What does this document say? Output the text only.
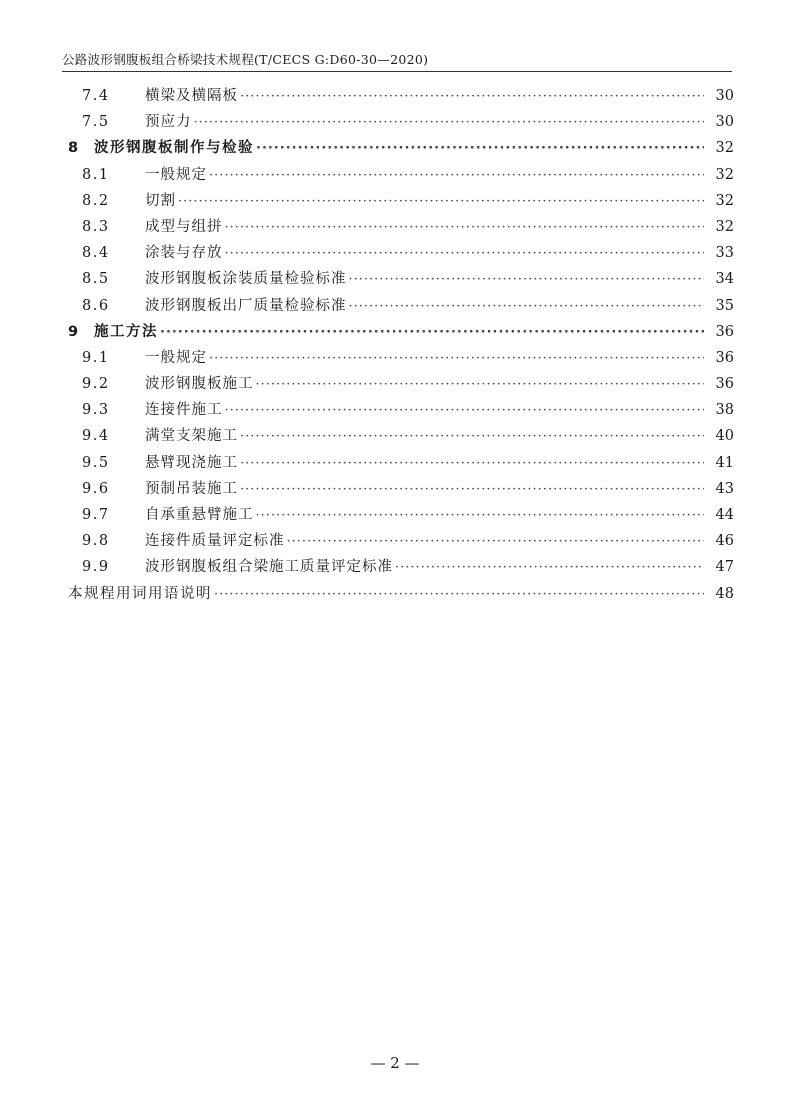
公路波形钢腹板组合桥梁技术规程(T/CECS G:D60-30—2020)
7.4	横梁及横隔板 ·····	30
7.5	预应力 ·····	30
8	波形钢腹板制作与检验 ·····	32
8.1	一般规定 ·····	32
8.2	切割 ·····	32
8.3	成型与组拼 ·····	32
8.4	涂装与存放 ·····	33
8.5	波形钢腹板涂装质量检验标准 ·····	34
8.6	波形钢腹板出厂质量检验标准 ·····	35
9	施工方法 ·····	36
9.1	一般规定 ·····	36
9.2	波形钢腹板施工 ·····	36
9.3	连接件施工 ·····	38
9.4	满堂支架施工 ·····	40
9.5	悬臂现浇施工 ·····	41
9.6	预制吊装施工 ·····	43
9.7	自承重悬臂施工 ·····	44
9.8	连接件质量评定标准 ·····	46
9.9	波形钢腹板组合梁施工质量评定标准 ·····	47
本规程用词用语说明 ·····	48
— 2 —
